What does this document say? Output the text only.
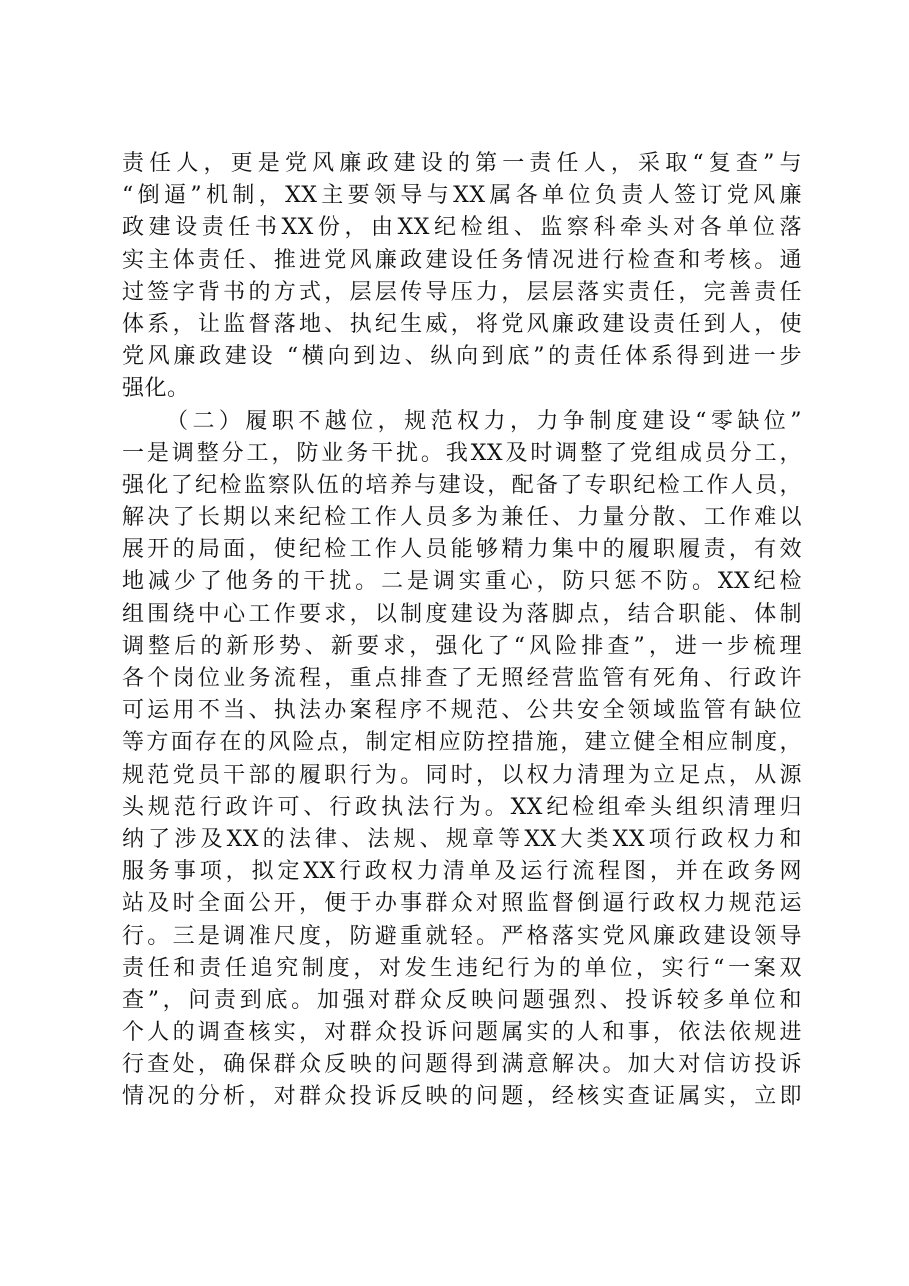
责任人，更是党风廉政建设的第一责任人，采取“复查”与
“倒逼”机制，XX主要领导与XX属各单位负责人签订党风廉
政建设责任书XX份，由XX纪检组、监察科牵头对各单位落
实主体责任、推进党风廉政建设任务情况进行检查和考核。通
过签字背书的方式，层层传导压力，层层落实责任，完善责任
体系，让监督落地、执纪生威，将党风廉政建设责任到人，使
党风廉政建设 “横向到边、纵向到底”的责任体系得到进一步
强化。
（二）履职不越位，规范权力，力争制度建设“零缺位”
一是调整分工，防业务干扰。我XX及时调整了党组成员分工，
强化了纪检监察队伍的培养与建设，配备了专职纪检工作人员，
解决了长期以来纪检工作人员多为兼任、力量分散、工作难以
展开的局面，使纪检工作人员能够精力集中的履职履责，有效
地减少了他务的干扰。二是调实重心，防只惩不防。XX纪检
组围绕中心工作要求，以制度建设为落脚点，结合职能、体制
调整后的新形势、新要求，强化了“风险排查”，进一步梳理
各个岗位业务流程，重点排查了无照经营监管有死角、行政许
可运用不当、执法办案程序不规范、公共安全领域监管有缺位
等方面存在的风险点，制定相应防控措施，建立健全相应制度，
规范党员干部的履职行为。同时，以权力清理为立足点，从源
头规范行政许可、行政执法行为。XX纪检组牵头组织清理归
纳了涉及XX的法律、法规、规章等XX大类XX项行政权力和
服务事项，拟定XX行政权力清单及运行流程图，并在政务网
站及时全面公开，便于办事群众对照监督倒逼行政权力规范运
行。三是调准尺度，防避重就轻。严格落实党风廉政建设领导
责任和责任追究制度，对发生违纪行为的单位，实行“一案双
查”，问责到底。加强对群众反映问题强烈、投诉较多单位和
个人的调查核实，对群众投诉问题属实的人和事，依法依规进
行查处，确保群众反映的问题得到满意解决。加大对信访投诉
情况的分析，对群众投诉反映的问题，经核实查证属实，立即
